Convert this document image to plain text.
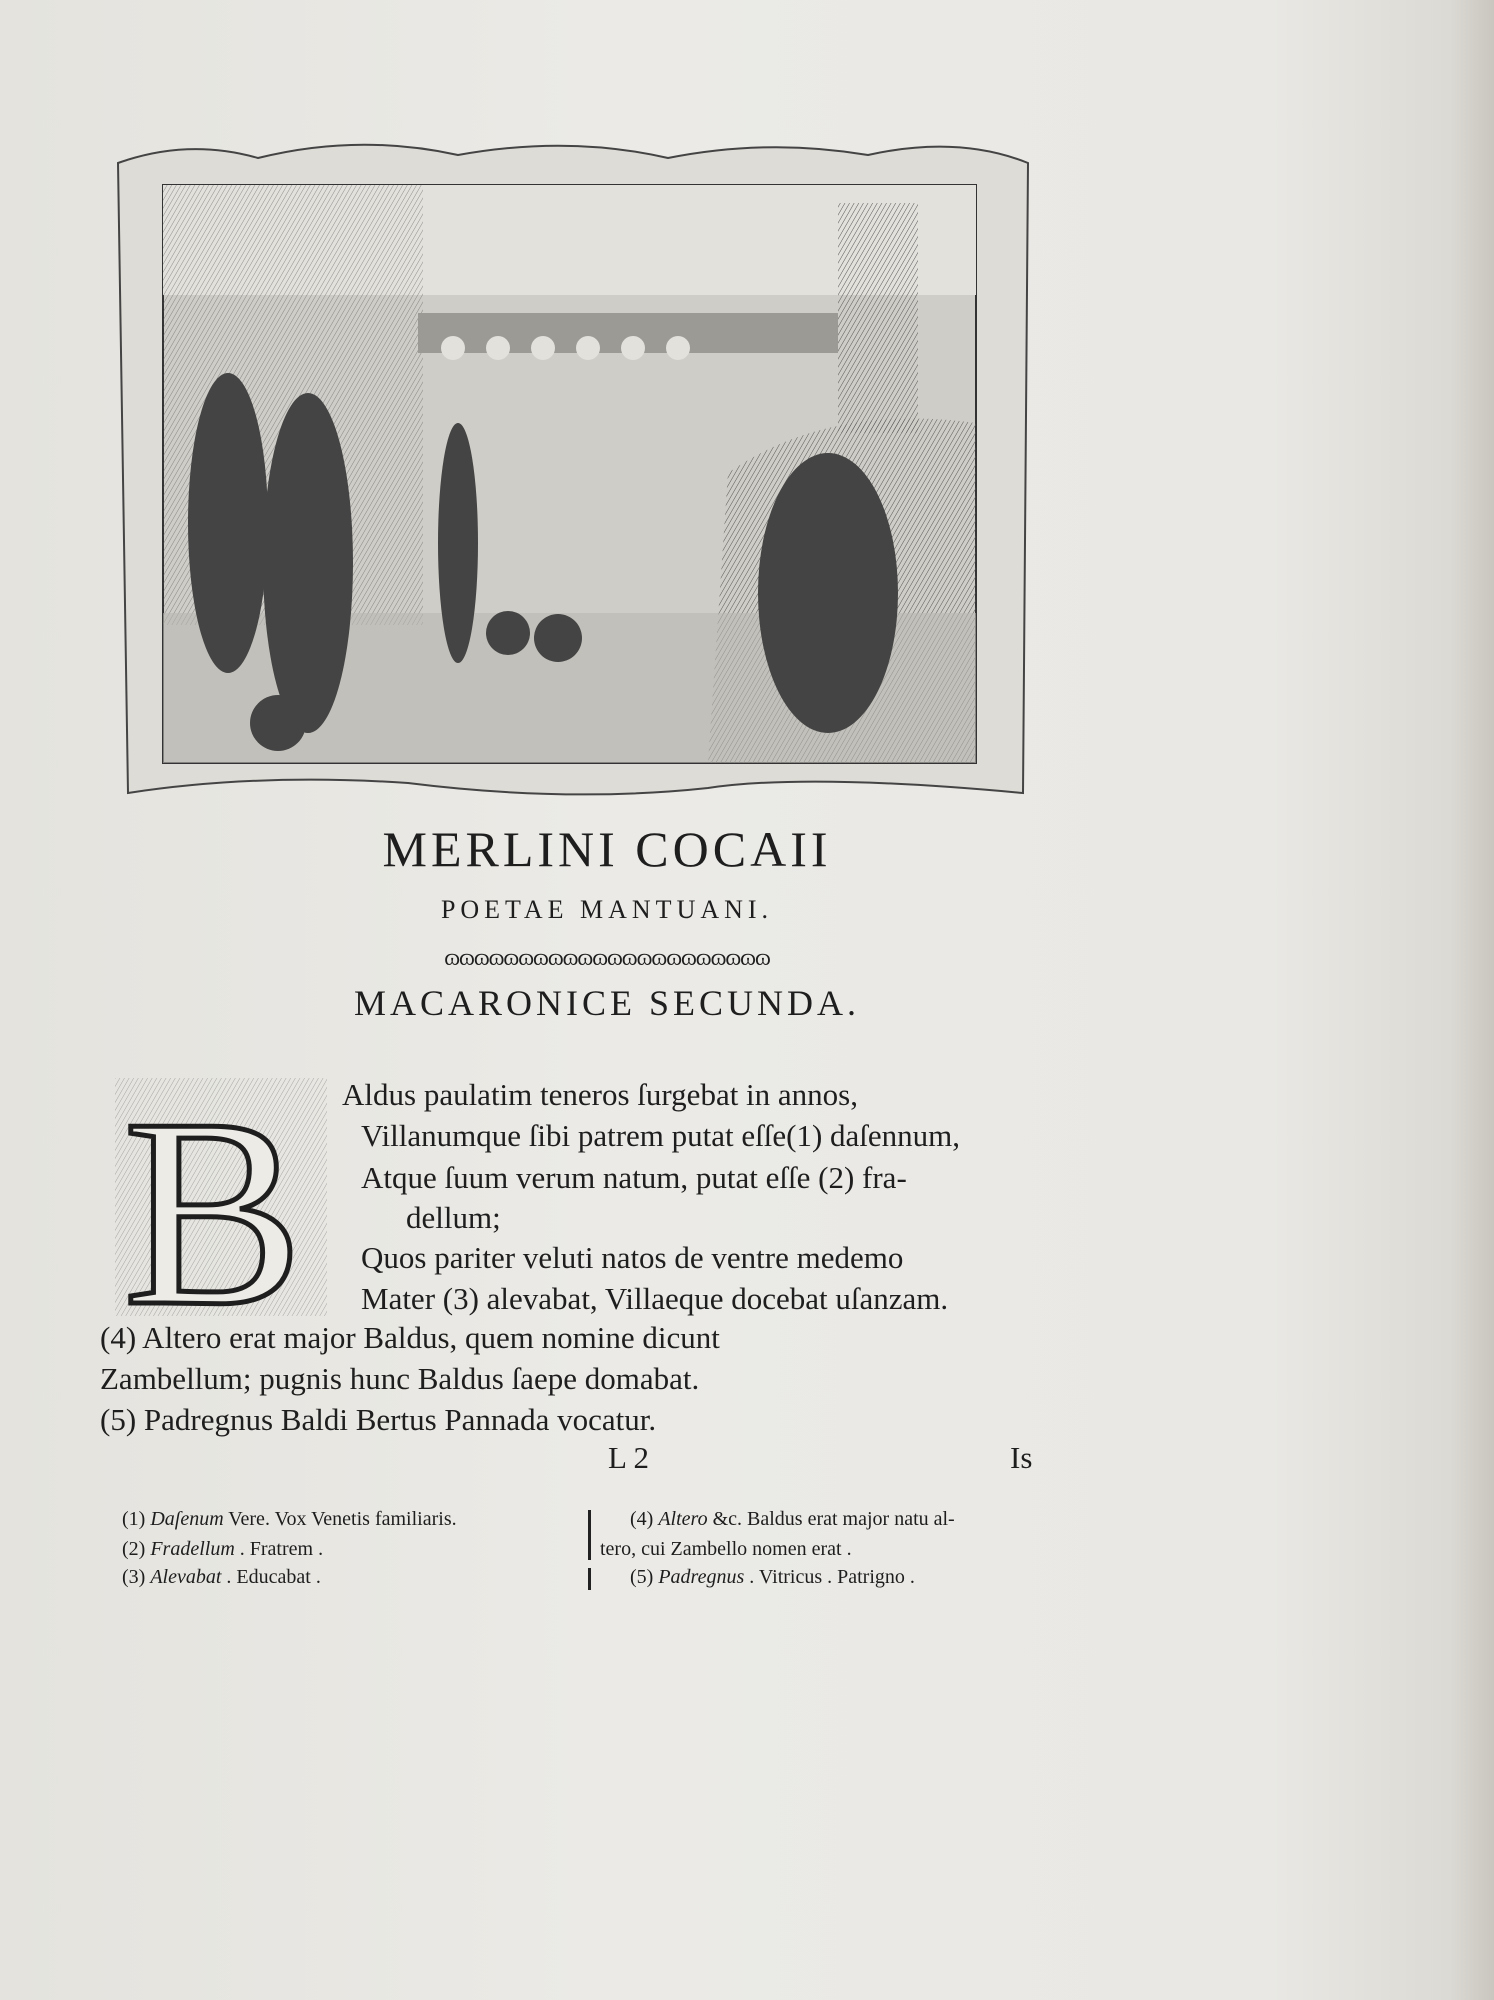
MERLINI COCAII
POETAE MANTUANI.
ɷɷɷɷɷɷɷɷɷɷɷɷɷɷɷɷɷɷɷɷɷɷ
MACARONICE SECUNDA.
B Aldus paulatim teneros ſurgebat in annos,
Villanumque ſibi patrem putat eſſe(1) daſennum,
Atque ſuum verum natum, putat eſſe (2) fra-
dellum;
Quos pariter veluti natos de ventre medemo
Mater (3) alevabat, Villaeque docebat uſanzam.
(4) Altero erat major Baldus, quem nomine dicunt
Zambellum; pugnis hunc Baldus ſaepe domabat.
(5) Padregnus Baldi Bertus Pannada vocatur.
L 2	Is
(1) Daſenum Vere. Vox Venetis familiaris.
(2) Fradellum . Fratrem .
(3) Alevabat . Educabat .
(4) Altero &c. Baldus erat major natu al-
tero, cui Zambello nomen erat .
(5) Padregnus . Vitricus . Patrigno .
